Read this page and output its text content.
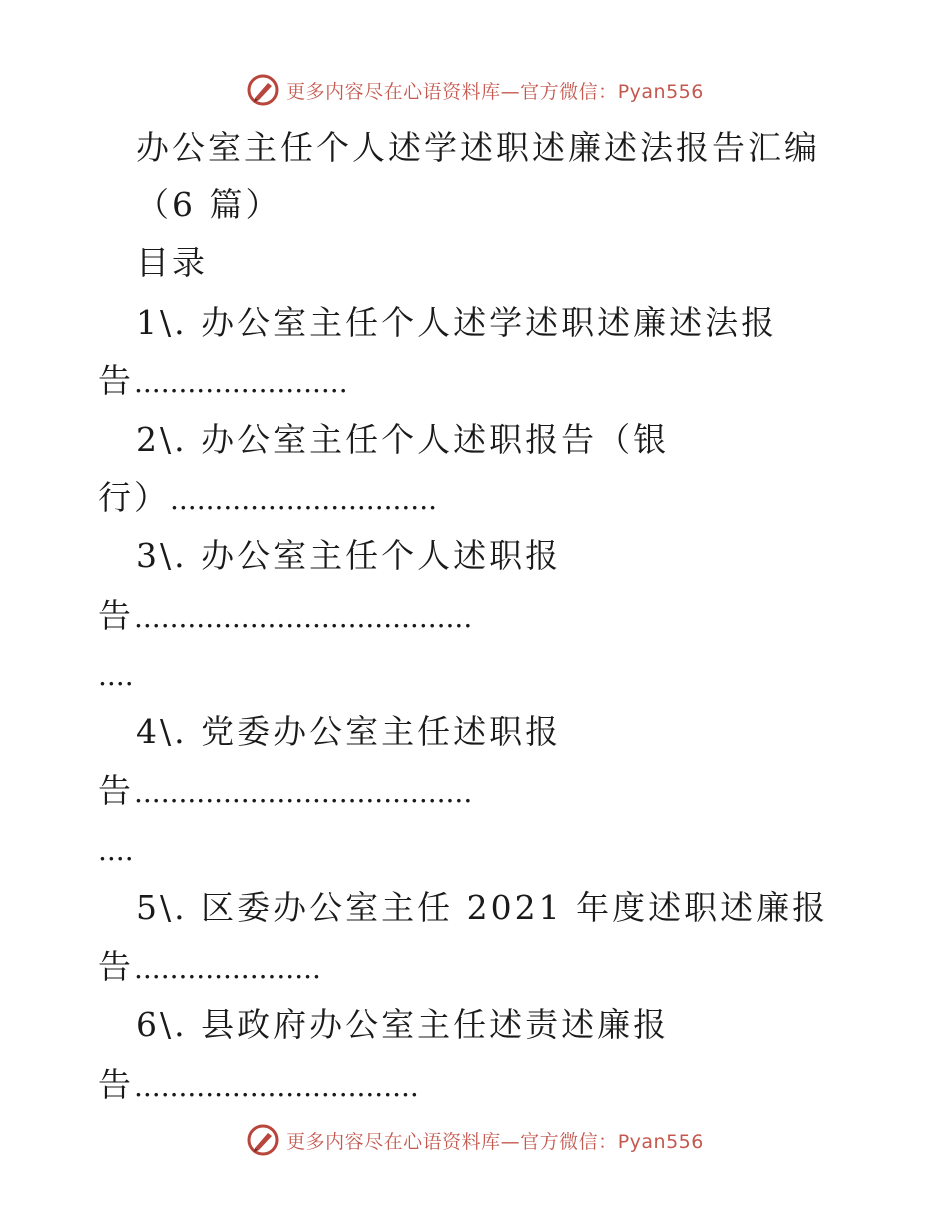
更多内容尽在心语资料库—官方微信：Pyan556
办公室主任个人述学述职述廉述法报告汇编
（6 篇）
目录
1\. 办公室主任个人述学述职述廉述法报
告........................
2\. 办公室主任个人述职报告（银
行）..............................
3\. 办公室主任个人述职报
告......................................
....
4\. 党委办公室主任述职报
告......................................
....
5\. 区委办公室主任 2021 年度述职述廉报
告.....................
6\. 县政府办公室主任述责述廉报
告................................
更多内容尽在心语资料库—官方微信：Pyan556
